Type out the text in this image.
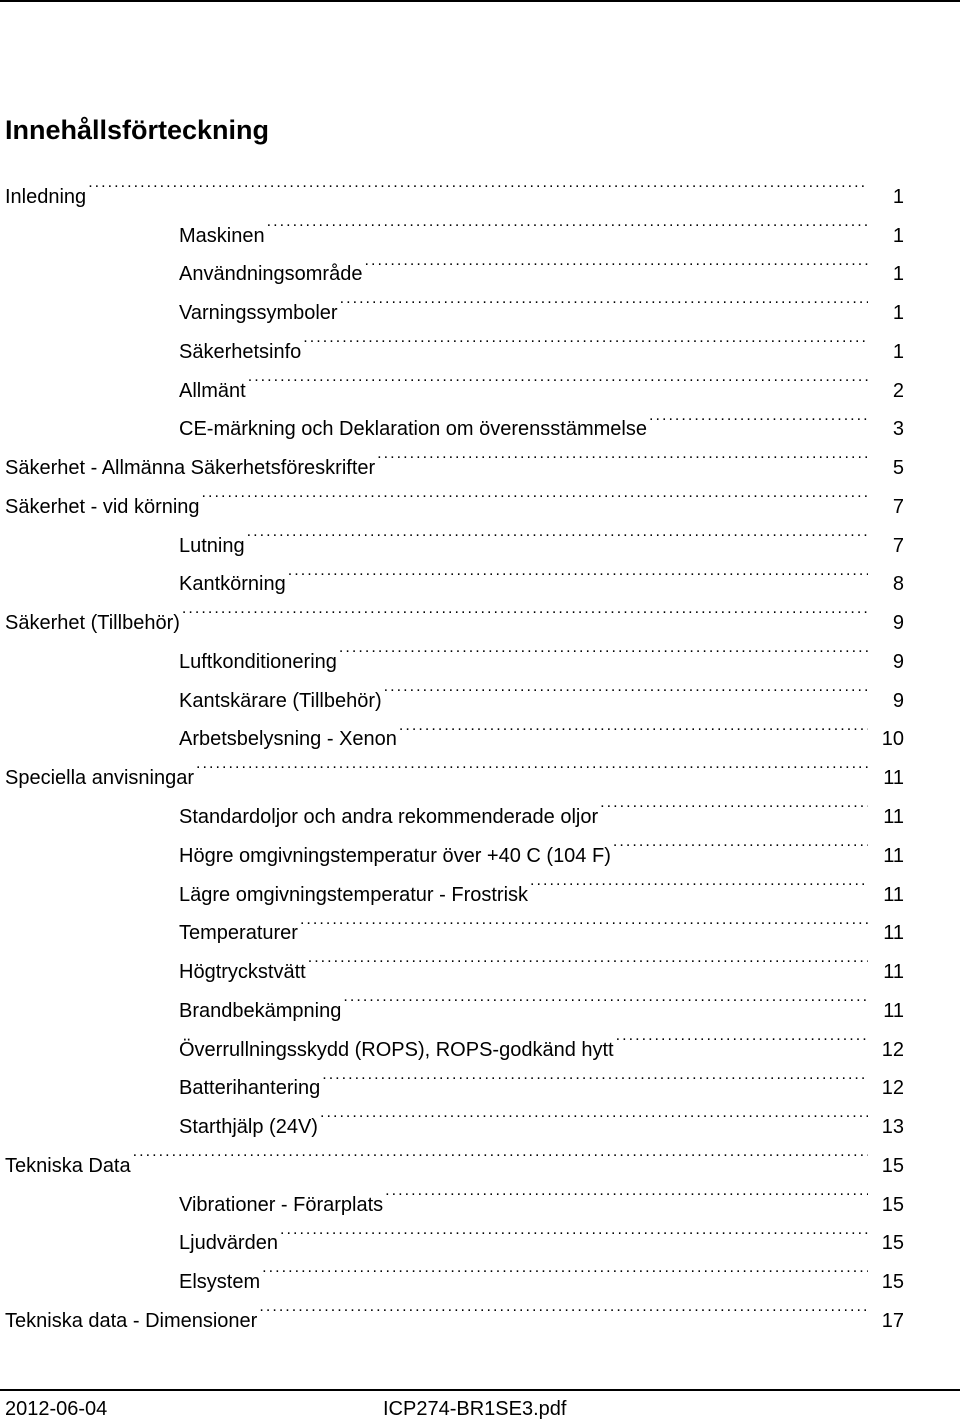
Innehållsförteckning
Inledning . . .	1
Maskinen . . .	1
Användningsområde . . .	1
Varningssymboler . . .	1
Säkerhetsinfo . . .	1
Allmänt . . .	2
CE-märkning och Deklaration om överensstämmelse . . .	3
Säkerhet - Allmänna Säkerhetsföreskrifter . . .	5
Säkerhet - vid körning . . .	7
Lutning . . .	7
Kantkörning . . .	8
Säkerhet (Tillbehör) . . .	9
Luftkonditionering . . .	9
Kantskärare (Tillbehör) . . .	9
Arbetsbelysning - Xenon . . .	10
Speciella anvisningar . . .	11
Standardoljor och andra rekommenderade oljor . . .	11
Högre omgivningstemperatur över +40 C (104 F) . . .	11
Lägre omgivningstemperatur - Frostrisk . . .	11
Temperaturer . . .	11
Högtryckstvätt . . .	11
Brandbekämpning . . .	11
Överrullningsskydd (ROPS), ROPS-godkänd hytt . . .	12
Batterihantering . . .	12
Starthjälp (24V) . . .	13
Tekniska Data . . .	15
Vibrationer - Förarplats . . .	15
Ljudvärden . . .	15
Elsystem . . .	15
Tekniska data - Dimensioner . . .	17
2012-06-04	ICP274-BR1SE3.pdf
